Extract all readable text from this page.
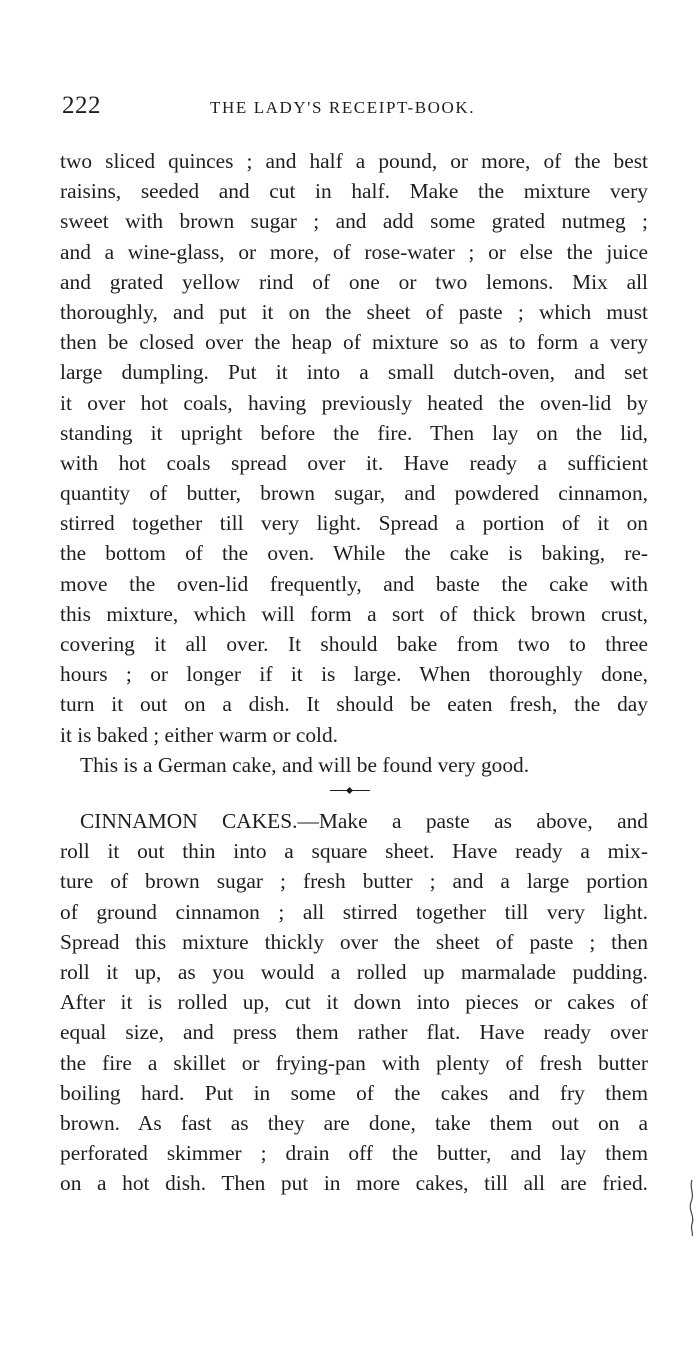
222	THE LADY'S RECEIPT-BOOK.
two sliced quinces ; and half a pound, or more, of the best
raisins, seeded and cut in half. Make the mixture very
sweet with brown sugar ; and add some grated nutmeg ;
and a wine-glass, or more, of rose-water ; or else the juice
and grated yellow rind of one or two lemons. Mix all
thoroughly, and put it on the sheet of paste ; which must
then be closed over the heap of mixture so as to form a very
large dumpling. Put it into a small dutch-oven, and set
it over hot coals, having previously heated the oven-lid by
standing it upright before the fire. Then lay on the lid,
with hot coals spread over it. Have ready a sufficient
quantity of butter, brown sugar, and powdered cinnamon,
stirred together till very light. Spread a portion of it on
the bottom of the oven. While the cake is baking, re-
move the oven-lid frequently, and baste the cake with
this mixture, which will form a sort of thick brown crust,
covering it all over. It should bake from two to three
hours ; or longer if it is large. When thoroughly done,
turn it out on a dish. It should be eaten fresh, the day
it is baked ; either warm or cold.
This is a German cake, and will be found very good.
CINNAMON CAKES.—Make a paste as above, and
roll it out thin into a square sheet. Have ready a mix-
ture of brown sugar ; fresh butter ; and a large portion
of ground cinnamon ; all stirred together till very light.
Spread this mixture thickly over the sheet of paste ; then
roll it up, as you would a rolled up marmalade pudding.
After it is rolled up, cut it down into pieces or cakes of
equal size, and press them rather flat. Have ready over
the fire a skillet or frying-pan with plenty of fresh butter
boiling hard. Put in some of the cakes and fry them
brown. As fast as they are done, take them out on a
perforated skimmer ; drain off the butter, and lay them
on a hot dish. Then put in more cakes, till all are fried.
